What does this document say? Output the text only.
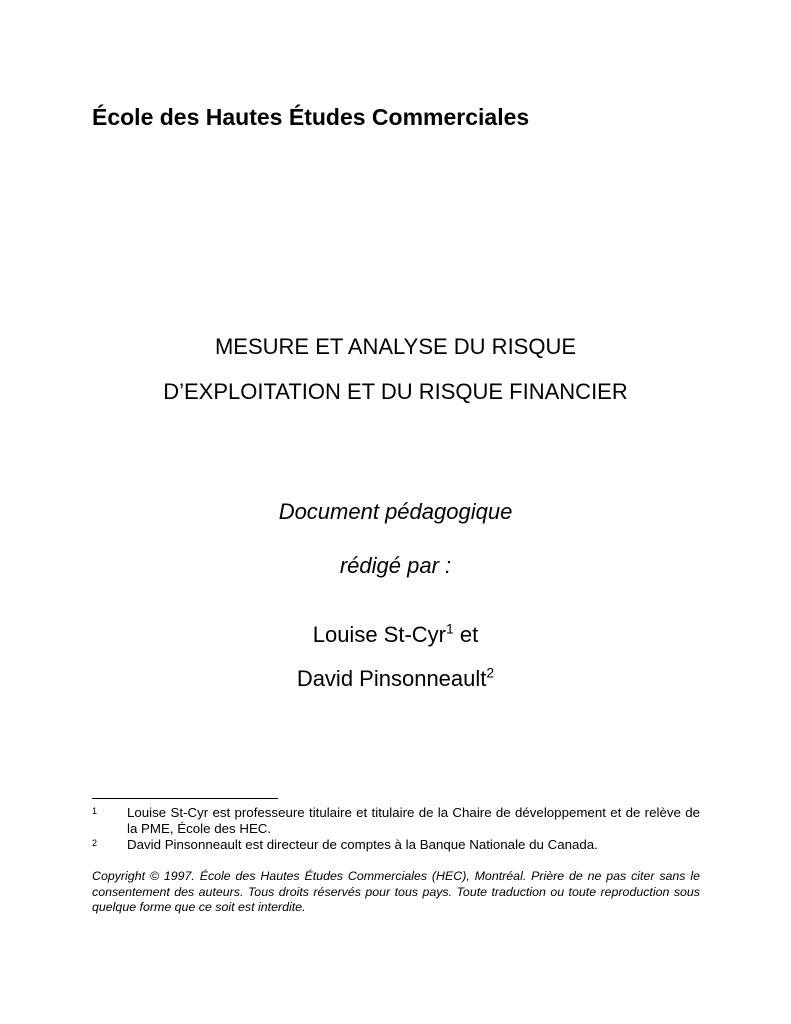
École des Hautes Études Commerciales
MESURE ET ANALYSE DU RISQUE
D’EXPLOITATION ET DU RISQUE FINANCIER
Document pédagogique
rédigé par :
Louise St-Cyr$^1$ et
David Pinsonneault$^2$
1 Louise St-Cyr est professeure titulaire et titulaire de la Chaire de développement et de relève de la PME, École des HEC.
2 David Pinsonneault est directeur de comptes à la Banque Nationale du Canada.
Copyright © 1997. École des Hautes Études Commerciales (HEC), Montréal. Prière de ne pas citer sans le consentement des auteurs. Tous droits réservés pour tous pays. Toute traduction ou toute reproduction sous quelque forme que ce soit est interdite.
